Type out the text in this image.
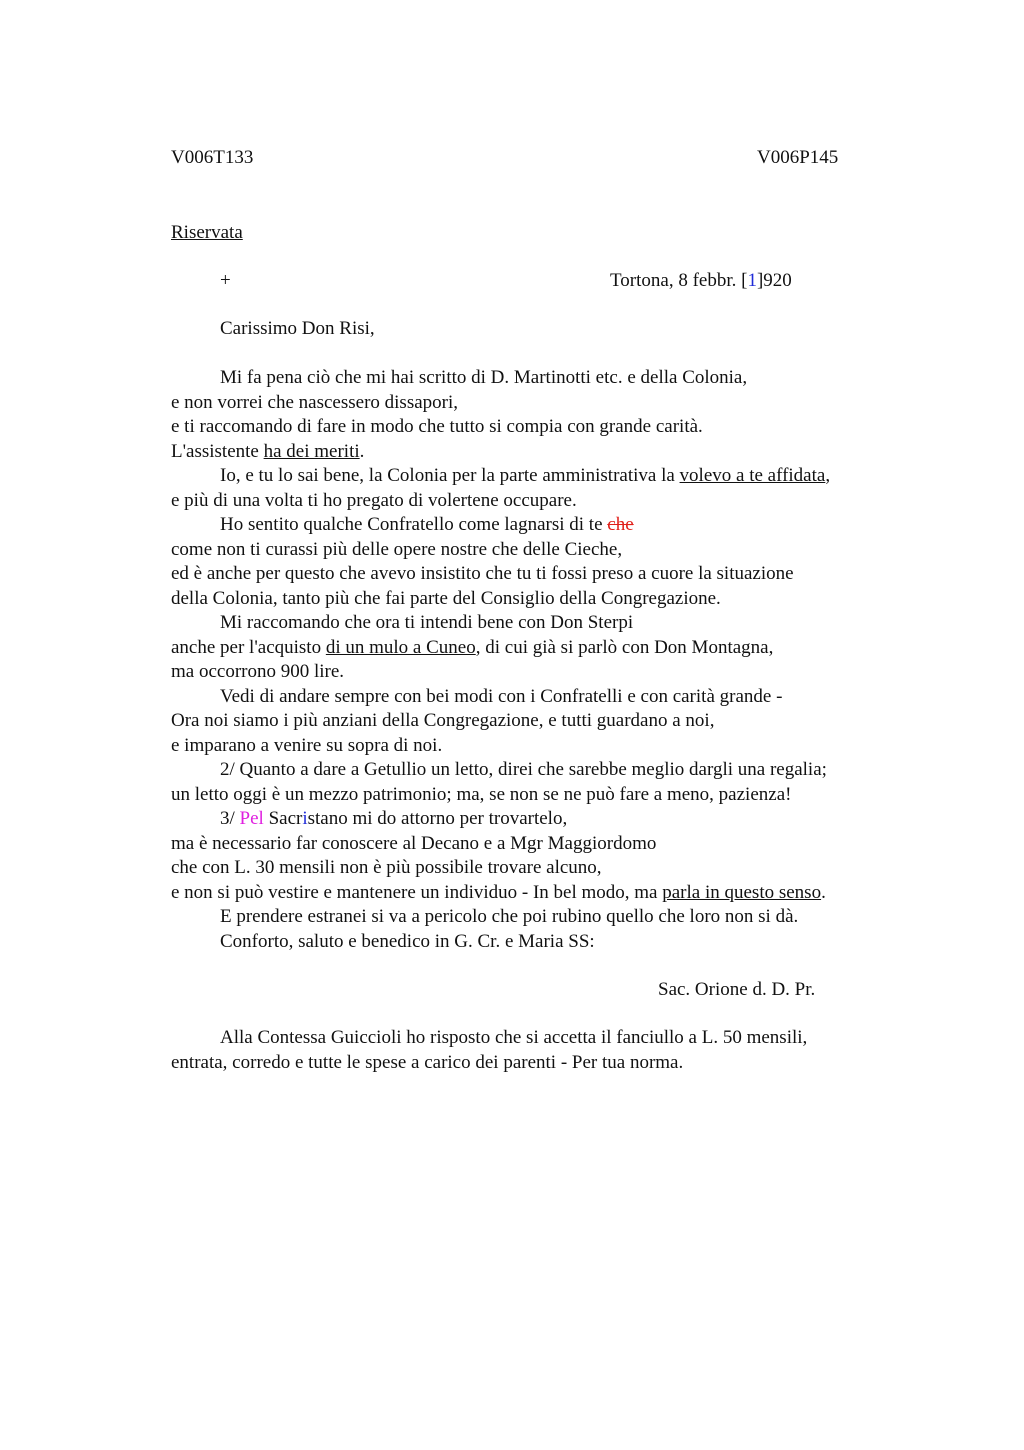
V006T133	V006P145
Riservata
+	Tortona, 8 febbr. [1]920
Carissimo Don Risi,
Mi fa pena ciò che mi hai scritto di D. Martinotti etc. e della Colonia,
e non vorrei che nascessero dissapori,
e ti raccomando di fare in modo che tutto si compia con grande carità.
L'assistente ha dei meriti.
Io, e tu lo sai bene, la Colonia per la parte amministrativa la volevo a te affidata,
e più di una volta ti ho pregato di volertene occupare.
Ho sentito qualche Confratello come lagnarsi di te che
come non ti curassi più delle opere nostre che delle Cieche,
ed è anche per questo che avevo insistito che tu ti fossi preso a cuore la situazione
della Colonia, tanto più che fai parte del Consiglio della Congregazione.
Mi raccomando che ora ti intendi bene con Don Sterpi
anche per l'acquisto di un mulo a Cuneo, di cui già si parlò con Don Montagna,
ma occorrono 900 lire.
Vedi di andare sempre con bei modi con i Confratelli e con carità grande -
Ora noi siamo i più anziani della Congregazione, e tutti guardano a noi,
e imparano a venire su sopra di noi.
2/ Quanto a dare a Getullio un letto, direi che sarebbe meglio dargli una regalia;
un letto oggi è un mezzo patrimonio; ma, se non se ne può fare a meno, pazienza!
3/ Pel Sacristano mi do attorno per trovartelo,
ma è necessario far conoscere al Decano e a Mgr Maggiordomo
che con L. 30 mensili non è più possibile trovare alcuno,
e non si può vestire e mantenere un individuo - In bel modo, ma parla in questo senso.
E prendere estranei si va a pericolo che poi rubino quello che loro non si dà.
Conforto, saluto e benedico in G. Cr. e Maria SS:
Sac. Orione d. D. Pr.
Alla Contessa Guiccioli ho risposto che si accetta il fanciullo a L. 50 mensili,
entrata, corredo e tutte le spese a carico dei parenti - Per tua norma.
